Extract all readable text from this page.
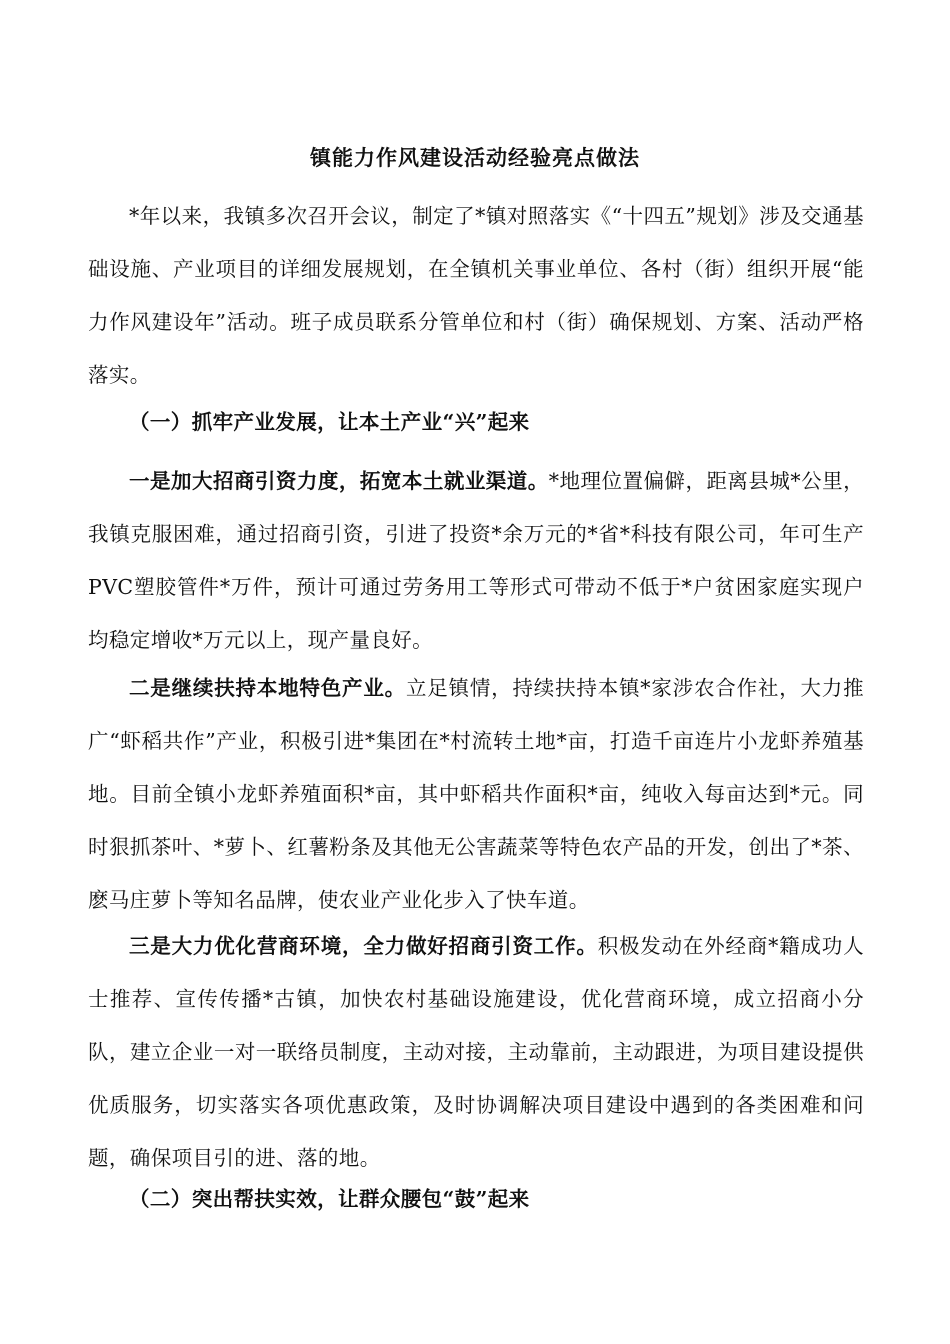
镇能力作风建设活动经验亮点做法
*年以来，我镇多次召开会议，制定了*镇对照落实《“十四五”规划》涉及交通基础设施、产业项目的详细发展规划，在全镇机关事业单位、各村（街）组织开展“能力作风建设年”活动。班子成员联系分管单位和村（街）确保规划、方案、活动严格落实。
（一）抓牢产业发展，让本土产业“兴”起来
一是加大招商引资力度，拓宽本土就业渠道。*地理位置偏僻，距离县城*公里，我镇克服困难，通过招商引资，引进了投资*余万元的*省*科技有限公司，年可生产PVC塑胶管件*万件，预计可通过劳务用工等形式可带动不低于*户贫困家庭实现户均稳定增收*万元以上，现产量良好。
二是继续扶持本地特色产业。立足镇情，持续扶持本镇*家涉农合作社，大力推广“虾稻共作”产业，积极引进*集团在*村流转土地*亩，打造千亩连片小龙虾养殖基地。目前全镇小龙虾养殖面积*亩，其中虾稻共作面积*亩，纯收入每亩达到*元。同时狠抓茶叶、*萝卜、红薯粉条及其他无公害蔬菜等特色农产品的开发，创出了*茶、麽马庄萝卜等知名品牌，使农业产业化步入了快车道。
三是大力优化营商环境，全力做好招商引资工作。积极发动在外经商*籍成功人士推荐、宣传传播*古镇，加快农村基础设施建设，优化营商环境，成立招商小分队，建立企业一对一联络员制度，主动对接，主动靠前，主动跟进，为项目建设提供优质服务，切实落实各项优惠政策，及时协调解决项目建设中遇到的各类困难和问题，确保项目引的进、落的地。
（二）突出帮扶实效，让群众腰包“鼓”起来
